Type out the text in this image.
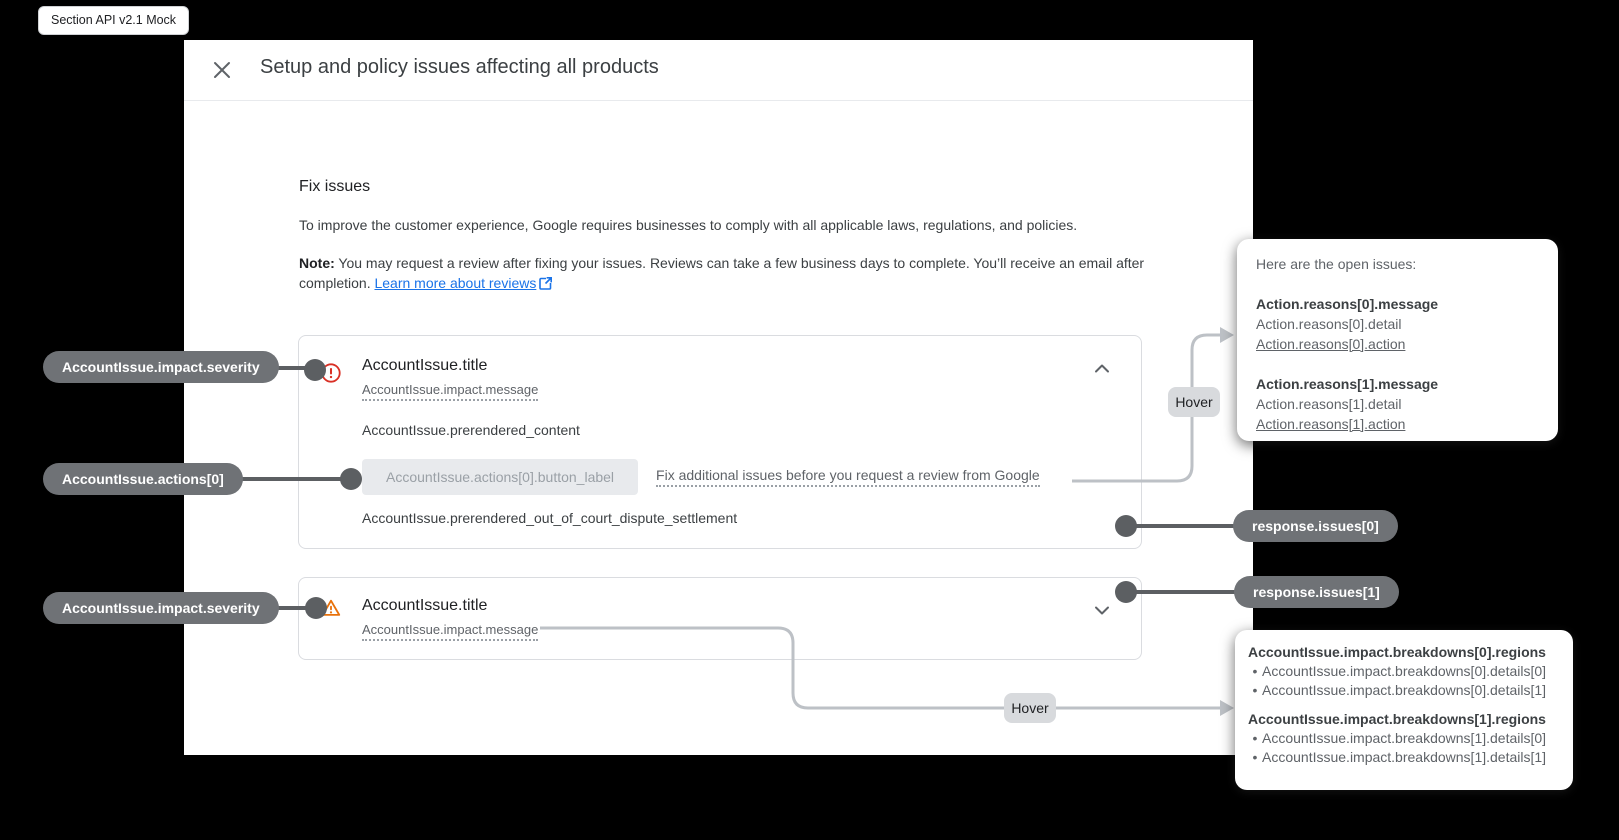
Section API v2.1 Mock
Setup and policy issues affecting all products
Fix issues
To improve the customer experience, Google requires businesses to comply with all applicable laws, regulations, and policies.
Note: You may request a review after fixing your issues. Reviews can take a few business days to complete. You’ll receive an email after completion. Learn more about reviews
AccountIssue.title
AccountIssue.impact.message
AccountIssue.prerendered_content
AccountIssue.actions[0].button_label	Fix additional issues before you request a review from Google
AccountIssue.prerendered_out_of_court_dispute_settlement
AccountIssue.title
AccountIssue.impact.message
AccountIssue.impact.severity
AccountIssue.actions[0]
AccountIssue.impact.severity
response.issues[0]
response.issues[1]
Hover
Hover

Here are the open issues:

Action.reasons[0].message
Action.reasons[0].detail
Action.reasons[0].action
Action.reasons[1].message
Action.reasons[1].detail
Action.reasons[1].action
AccountIssue.impact.breakdowns[0].regions
• AccountIssue.impact.breakdowns[0].details[0]
• AccountIssue.impact.breakdowns[0].details[1]
AccountIssue.impact.breakdowns[1].regions
• AccountIssue.impact.breakdowns[1].details[0]
• AccountIssue.impact.breakdowns[1].details[1]
